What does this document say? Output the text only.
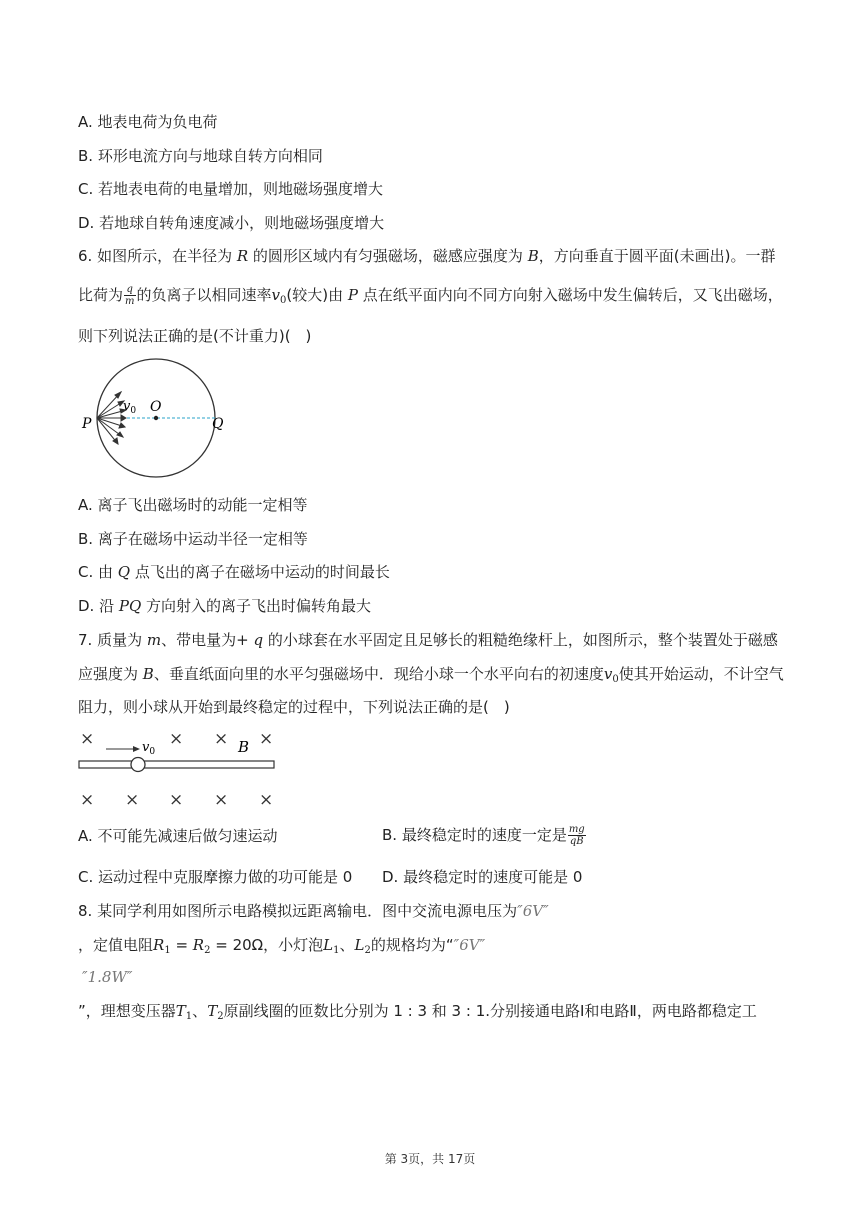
A. 地表电荷为负电荷
B. 环形电流方向与地球自转方向相同
C. 若地表电荷的电量增加，则地磁场强度增大
D. 若地球自转角速度减小，则地磁场强度增大
6. 如图所示，在半径为 R 的圆形区域内有匀强磁场，磁感应强度为 B，方向垂直于圆平面(未画出)。一群
比荷为 $\frac{q}{m}$ 的负离子以相同速率$v_0$(较大)由 P 点在纸平面内向不同方向射入磁场中发生偏转后，又飞出磁场，
则下列说法正确的是(不计重力)(　)
P
O
Q
$v_0$
A. 离子飞出磁场时的动能一定相等
B. 离子在磁场中运动半径一定相等
C. 由 Q 点飞出的离子在磁场中运动的时间最长
D. 沿 PQ 方向射入的离子飞出时偏转角最大
7. 质量为 m、带电量为+ q 的小球套在水平固定且足够长的粗糙绝缘杆上，如图所示，整个装置处于磁感
应强度为 B、垂直纸面向里的水平匀强磁场中．现给小球一个水平向右的初速度$v_0$使其开始运动，不计空气
阻力，则小球从开始到最终稳定的过程中，下列说法正确的是(　)
×	× × ×
× × × × ×
$v_0$	B
A. 不可能先减速后做匀速运动	B. 最终稳定时的速度一定是 $\frac{mg}{qB}$
C. 运动过程中克服摩擦力做的功可能是 0 D. 最终稳定时的速度可能是 0
8. 某同学利用如图所示电路模拟远距离输电．图中交流电源电压为″6V″
，定值电阻$R_1 = R_2 = 20\Omega$，小灯泡$L_1$、$L_2$的规格均为“″6V″
″1.8W″
”，理想变压器$T_1$、$T_2$原副线圈的匝数比分别为 1 : 3 和 3 : 1.分别接通电路Ⅰ和电路Ⅱ，两电路都稳定工
第 3页，共 17页
